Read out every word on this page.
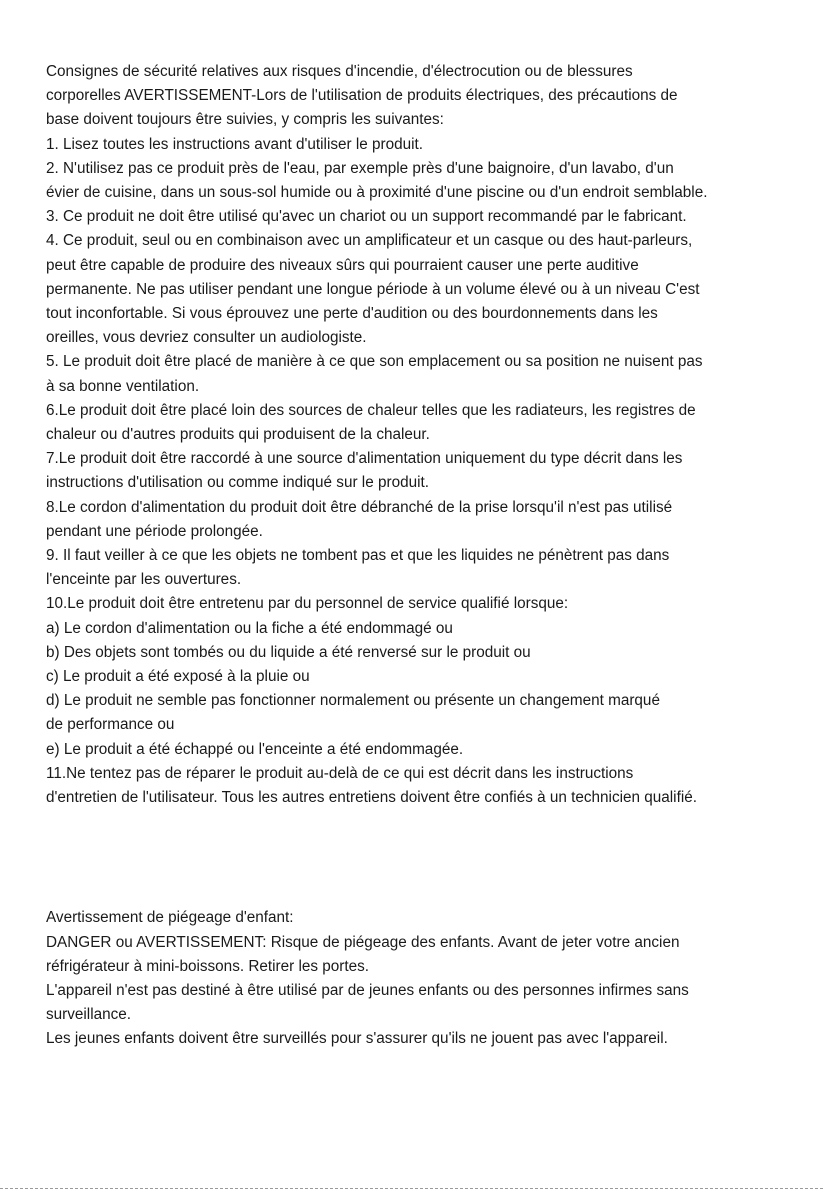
Consignes de sécurité relatives aux risques d'incendie, d'électrocution ou de blessures

corporelles AVERTISSEMENT-Lors de l'utilisation de produits électriques, des précautions de

base doivent toujours être suivies, y compris les suivantes:

1. Lisez toutes les instructions avant d'utiliser le produit.

2. N'utilisez pas ce produit près de l'eau, par exemple près d'une baignoire, d'un lavabo, d'un

évier de cuisine, dans un sous-sol humide ou à proximité d'une piscine ou d'un endroit semblable.

3. Ce produit ne doit être utilisé qu'avec un chariot ou un support recommandé par le fabricant.

4. Ce produit, seul ou en combinaison avec un amplificateur et un casque ou des haut-parleurs,

peut être capable de produire des niveaux sûrs qui pourraient causer une perte auditive

permanente. Ne pas utiliser pendant une longue période à un volume élevé ou à un niveau C'est

tout inconfortable. Si vous éprouvez une perte d'audition ou des bourdonnements dans les

oreilles, vous devriez consulter un audiologiste.

5. Le produit doit être placé de manière à ce que son emplacement ou sa position ne nuisent pas

à sa bonne ventilation.

6.Le produit doit être placé loin des sources de chaleur telles que les radiateurs, les registres de

chaleur ou d'autres produits qui produisent de la chaleur.

7.Le produit doit être raccordé à une source d'alimentation uniquement du type décrit dans les

instructions d'utilisation ou comme indiqué sur le produit.

8.Le cordon d'alimentation du produit doit être débranché de la prise lorsqu'il n'est pas utilisé

pendant une période prolongée.

9. Il faut veiller à ce que les objets ne tombent pas et que les liquides ne pénètrent pas dans

l'enceinte par les ouvertures.

10.Le produit doit être entretenu par du personnel de service qualifié lorsque:

a) Le cordon d'alimentation ou la fiche a été endommagé ou

b) Des objets sont tombés ou du liquide a été renversé sur le produit ou

c) Le produit a été exposé à la pluie ou

d) Le produit ne semble pas fonctionner normalement ou présente un changement marqué

de performance ou

e) Le produit a été échappé ou l'enceinte a été endommagée.

11.Ne tentez pas de réparer le produit au-delà de ce qui est décrit dans les instructions

d'entretien de l'utilisateur. Tous les autres entretiens doivent être confiés à un technicien qualifié.

Avertissement de piégeage d'enfant:

DANGER ou AVERTISSEMENT: Risque de piégeage des enfants. Avant de jeter votre ancien

réfrigérateur à mini-boissons. Retirer les portes.

L'appareil n'est pas destiné à être utilisé par de jeunes enfants ou des personnes infirmes sans

surveillance.

Les jeunes enfants doivent être surveillés pour s'assurer qu'ils ne jouent pas avec l'appareil.
